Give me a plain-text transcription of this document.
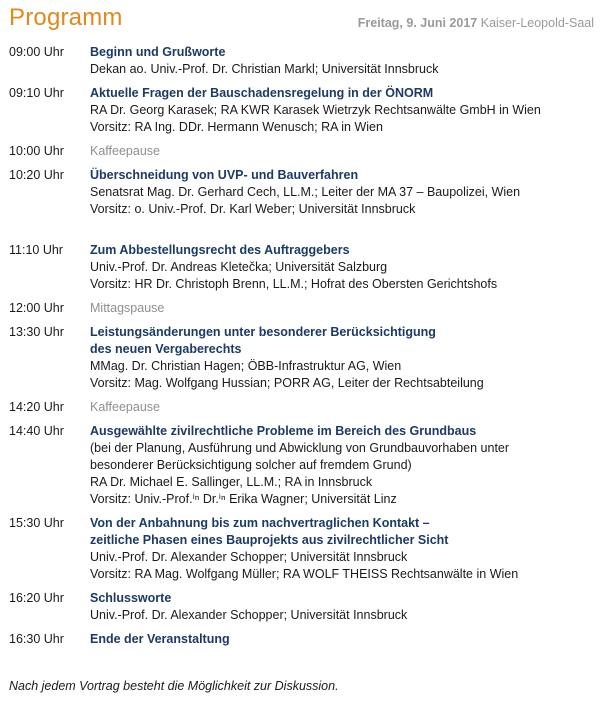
Programm	Freitag, 9. Juni 2017 Kaiser-Leopold-Saal
09:00 Uhr Beginn und Grußworte
Dekan ao. Univ.-Prof. Dr. Christian Markl; Universität Innsbruck
09:10 Uhr Aktuelle Fragen der Bauschadensregelung in der ÖNORM
RA Dr. Georg Karasek; RA KWR Karasek Wietrzyk Rechtsanwälte GmbH in Wien
Vorsitz: RA Ing. DDr. Hermann Wenusch; RA in Wien
10:00 Uhr Kaffeepause
10:20 Uhr Überschneidung von UVP- und Bauverfahren
Senatsrat Mag. Dr. Gerhard Cech, LL.M.; Leiter der MA 37 – Baupolizei, Wien
Vorsitz: o. Univ.-Prof. Dr. Karl Weber; Universität Innsbruck
11:10 Uhr Zum Abbestellungsrecht des Auftraggebers
Univ.-Prof. Dr. Andreas Kletečka; Universität Salzburg
Vorsitz: HR Dr. Christoph Brenn, LL.M.; Hofrat des Obersten Gerichtshofs
12:00 Uhr Mittagspause
13:30 Uhr Leistungsänderungen unter besonderer Berücksichtigung
des neuen Vergaberechts
MMag. Dr. Christian Hagen; ÖBB-Infrastruktur AG, Wien
Vorsitz: Mag. Wolfgang Hussian; PORR AG, Leiter der Rechtsabteilung
14:20 Uhr Kaffeepause
14:40 Uhr Ausgewählte zivilrechtliche Probleme im Bereich des Grundbaus
(bei der Planung, Ausführung und Abwicklung von Grundbauvorhaben unter
besonderer Berücksichtigung solcher auf fremdem Grund)
RA Dr. Michael E. Sallinger, LL.M.; RA in Innsbruck
Vorsitz: Univ.-Prof.ⁱⁿ Dr.ⁱⁿ Erika Wagner; Universität Linz
15:30 Uhr Von der Anbahnung bis zum nachvertraglichen Kontakt –
zeitliche Phasen eines Bauprojekts aus zivilrechtlicher Sicht
Univ.-Prof. Dr. Alexander Schopper; Universität Innsbruck
Vorsitz: RA Mag. Wolfgang Müller; RA WOLF THEISS Rechtsanwälte in Wien
16:20 Uhr Schlussworte
Univ.-Prof. Dr. Alexander Schopper; Universität Innsbruck
16:30 Uhr Ende der Veranstaltung
Nach jedem Vortrag besteht die Möglichkeit zur Diskussion.
